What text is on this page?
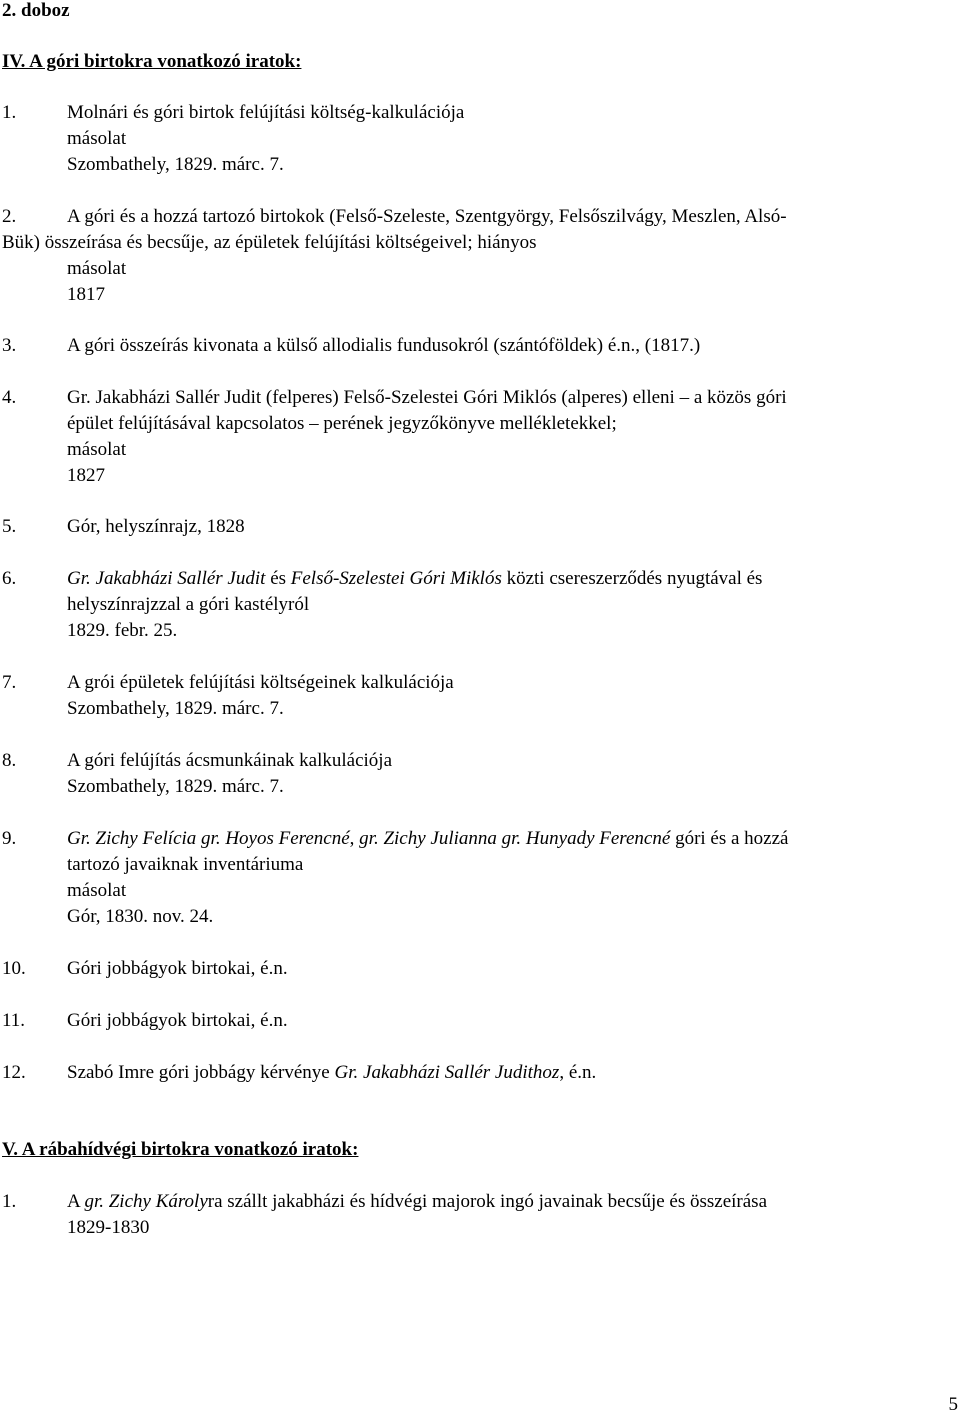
2. doboz
IV. A góri birtokra vonatkozó iratok:
1.	Molnári és góri birtok felújítási költség-kalkulációja
másolat
Szombathely, 1829. márc. 7.
2.	A góri és a hozzá tartozó birtokok (Felső-Szeleste, Szentgyörgy, Felsőszilvágy, Meszlen, Alsó-
Bük) összeírása és becsűje, az épületek felújítási költségeivel; hiányos
másolat
1817
3.	A góri összeírás kivonata a külső allodialis fundusokról (szántóföldek) é.n., (1817.)
4.	Gr. Jakabházi Sallér Judit (felperes) Felső-Szelestei Góri Miklós (alperes) elleni – a közös góri
épület felújításával kapcsolatos – perének jegyzőkönyve mellékletekkel;
másolat
1827
5.	Gór, helyszínrajz, 1828
6.	Gr. Jakabházi Sallér Judit és Felső-Szelestei Góri Miklós közti csereszerződés nyugtával és
helyszínrajzzal a góri kastélyról
1829. febr. 25.
7.	A grói épületek felújítási költségeinek kalkulációja
Szombathely, 1829. márc. 7.
8.	A góri felújítás ácsmunkáinak kalkulációja
Szombathely, 1829. márc. 7.
9.	Gr. Zichy Felícia gr. Hoyos Ferencné, gr. Zichy Julianna gr. Hunyady Ferencné góri és a hozzá
tartozó javaiknak inventáriuma
másolat
Gór, 1830. nov. 24.
10. Góri jobbágyok birtokai, é.n.
11. Góri jobbágyok birtokai, é.n.
12. Szabó Imre góri jobbágy kérvénye Gr. Jakabházi Sallér Judithoz, é.n.
V. A rábahídvégi birtokra vonatkozó iratok:
1.	A gr. Zichy Károlyra szállt jakabházi és hídvégi majorok ingó javainak becsűje és összeírása
1829-1830
5
